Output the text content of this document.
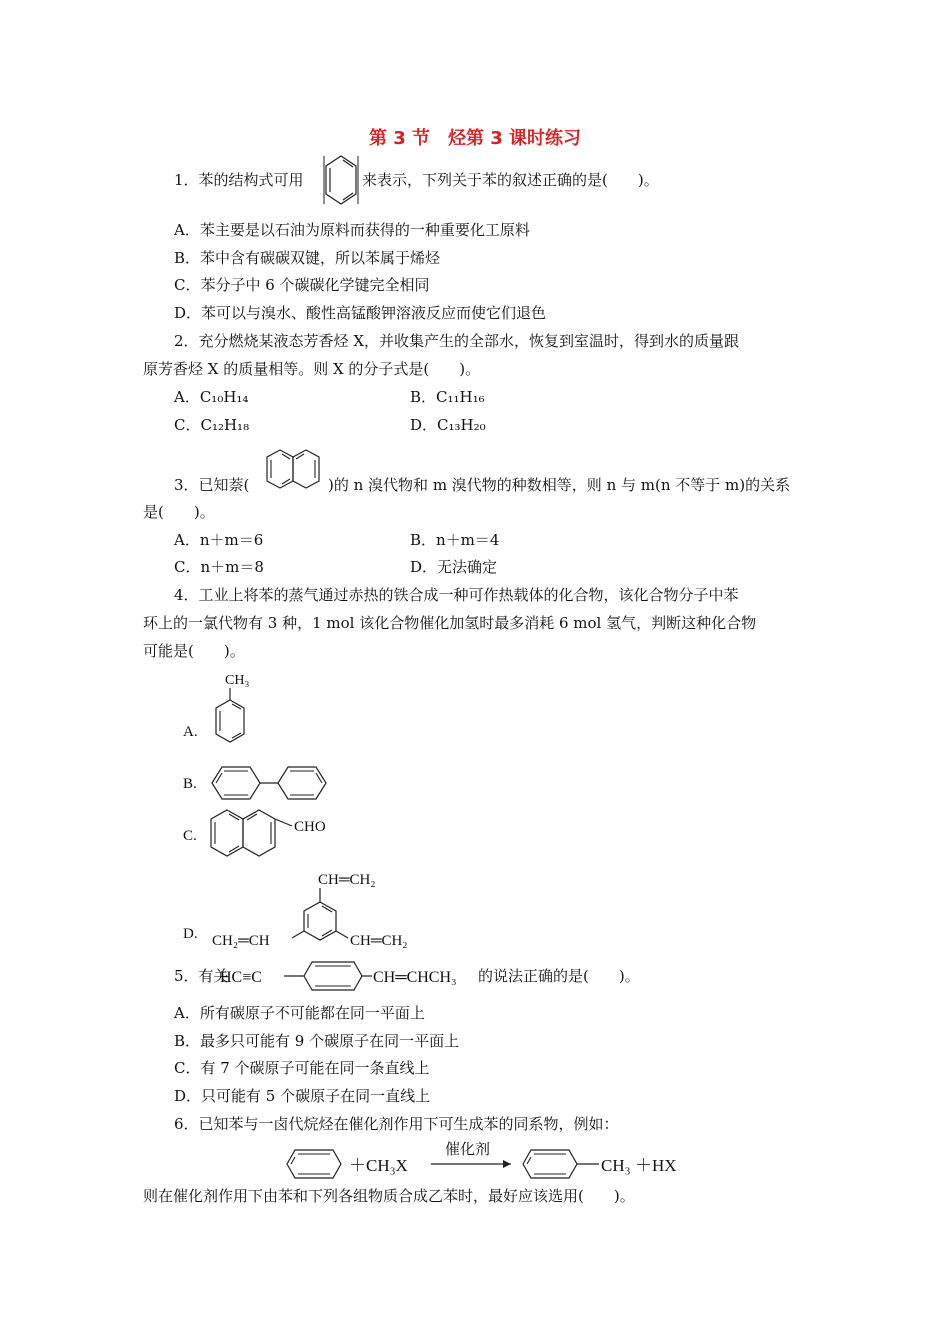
第 3 节　烃第 3 课时练习
1．苯的结构式可用	来表示，下列关于苯的叙述正确的是(　　)。
A．苯主要是以石油为原料而获得的一种重要化工原料
B．苯中含有碳碳双键，所以苯属于烯烃
C．苯分子中 6 个碳碳化学键完全相同
D．苯可以与溴水、酸性高锰酸钾溶液反应而使它们退色
2．充分燃烧某液态芳香烃 X，并收集产生的全部水，恢复到室温时，得到水的质量跟
原芳香烃 X 的质量相等。则 X 的分子式是(　　)。
A．C₁₀H₁₄	B．C₁₁H₁₆
C．C₁₂H₁₈	D．C₁₃H₂₀
3．已知萘(	)的 n 溴代物和 m 溴代物的种数相等，则 n 与 m(n 不等于 m)的关系
是(　　)。
A．n＋m＝6	B．n＋m＝4
C．n＋m＝8	D．无法确定
4．工业上将苯的蒸气通过赤热的铁合成一种可作热载体的化合物，该化合物分子中苯
环上的一氯代物有 3 种，1 mol 该化合物催化加氢时最多消耗 6 mol 氢气，判断这种化合物
可能是(　　)。
A.
CH₃
B.
C.
CHO
D.
CH═CH₂
CH₂═CH	CH═CH₂
5．有关
HC≡C	CH═CHCH₃ 的说法正确的是(　　)。
A．所有碳原子不可能都在同一平面上
B．最多只可能有 9 个碳原子在同一平面上
C．有 7 个碳原子可能在同一条直线上
D．只可能有 5 个碳原子在同一直线上
6．已知苯与一卤代烷烃在催化剂作用下可生成苯的同系物，例如：
＋CH₃X
催化剂
CH₃ ＋HX
则在催化剂作用下由苯和下列各组物质合成乙苯时，最好应该选用(　　)。
